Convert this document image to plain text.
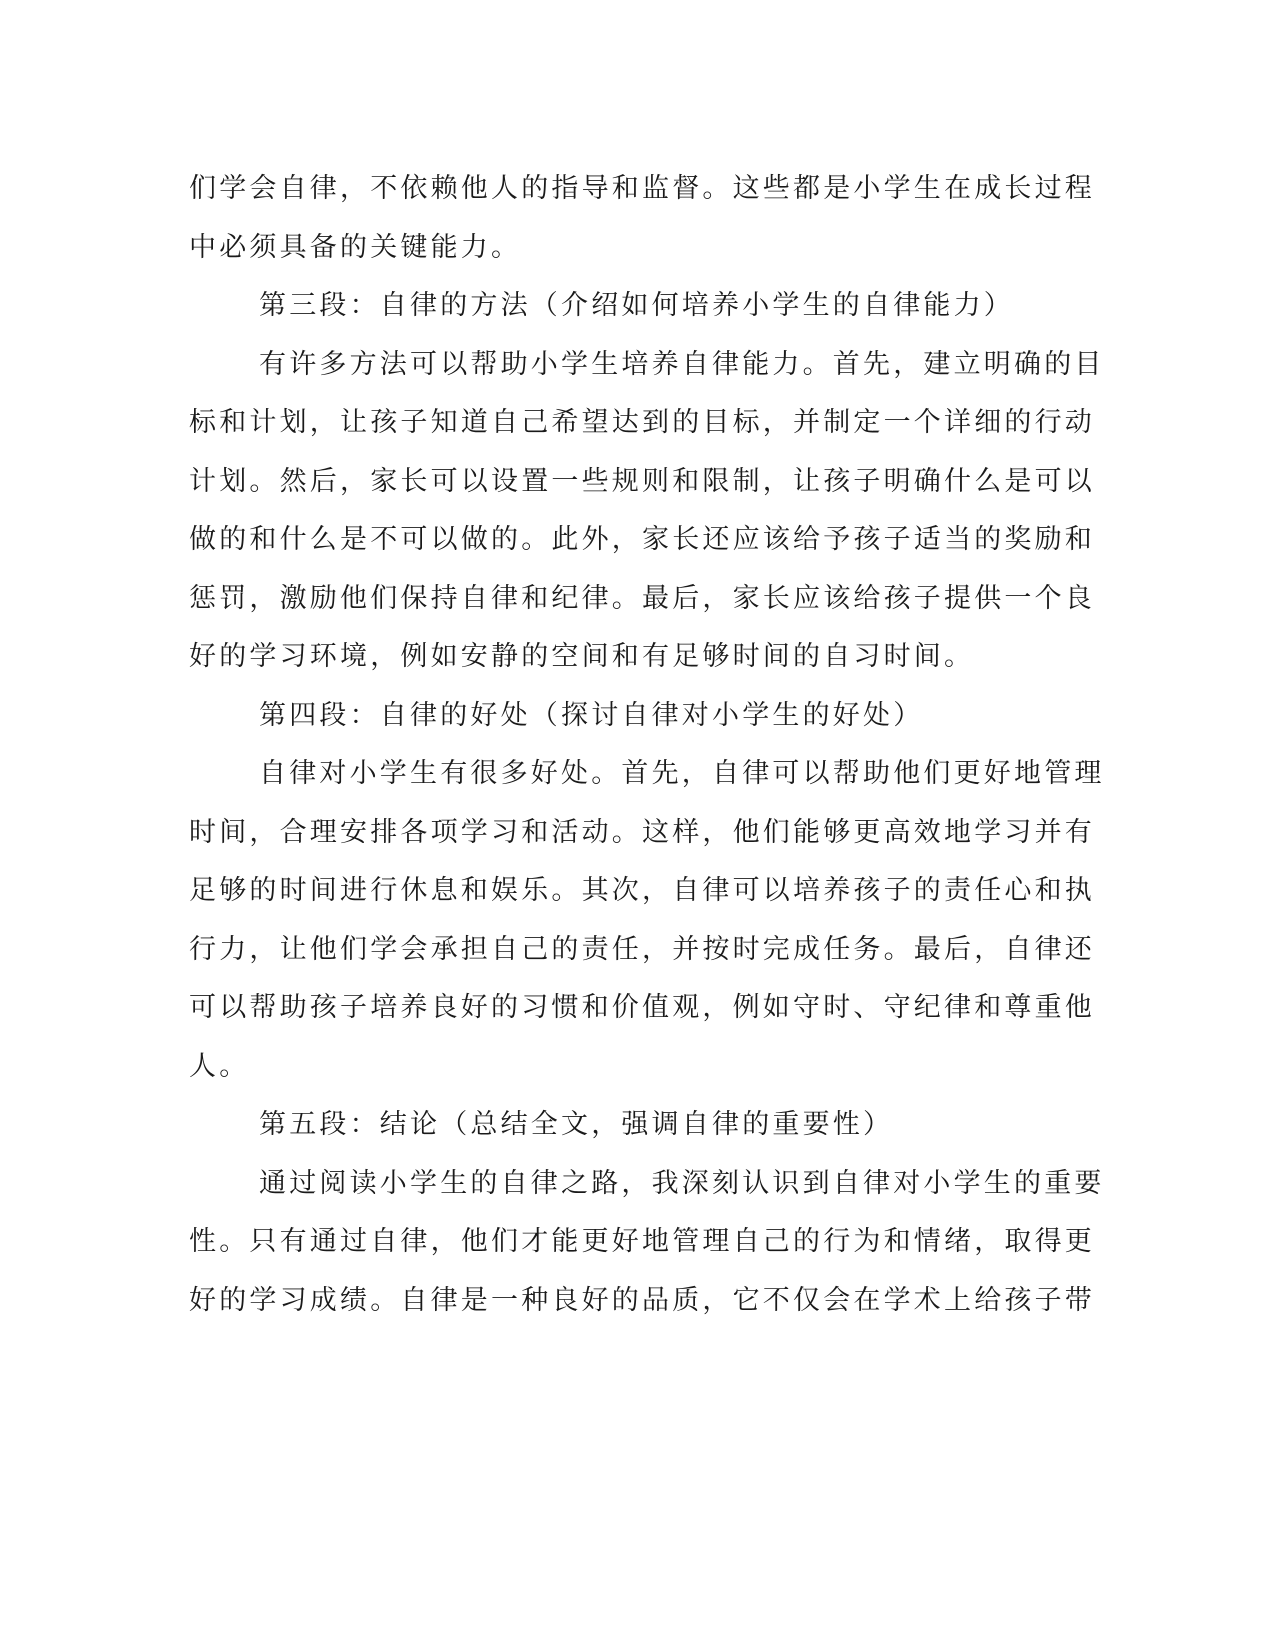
们学会自律，不依赖他人的指导和监督。这些都是小学生在成长过程
中必须具备的关键能力。
第三段：自律的方法（介绍如何培养小学生的自律能力）
有许多方法可以帮助小学生培养自律能力。首先，建立明确的目
标和计划，让孩子知道自己希望达到的目标，并制定一个详细的行动
计划。然后，家长可以设置一些规则和限制，让孩子明确什么是可以
做的和什么是不可以做的。此外，家长还应该给予孩子适当的奖励和
惩罚，激励他们保持自律和纪律。最后，家长应该给孩子提供一个良
好的学习环境，例如安静的空间和有足够时间的自习时间。
第四段：自律的好处（探讨自律对小学生的好处）
自律对小学生有很多好处。首先，自律可以帮助他们更好地管理
时间，合理安排各项学习和活动。这样，他们能够更高效地学习并有
足够的时间进行休息和娱乐。其次，自律可以培养孩子的责任心和执
行力，让他们学会承担自己的责任，并按时完成任务。最后，自律还
可以帮助孩子培养良好的习惯和价值观，例如守时、守纪律和尊重他
人。
第五段：结论（总结全文，强调自律的重要性）
通过阅读小学生的自律之路，我深刻认识到自律对小学生的重要
性。只有通过自律，他们才能更好地管理自己的行为和情绪，取得更
好的学习成绩。自律是一种良好的品质，它不仅会在学术上给孩子带
